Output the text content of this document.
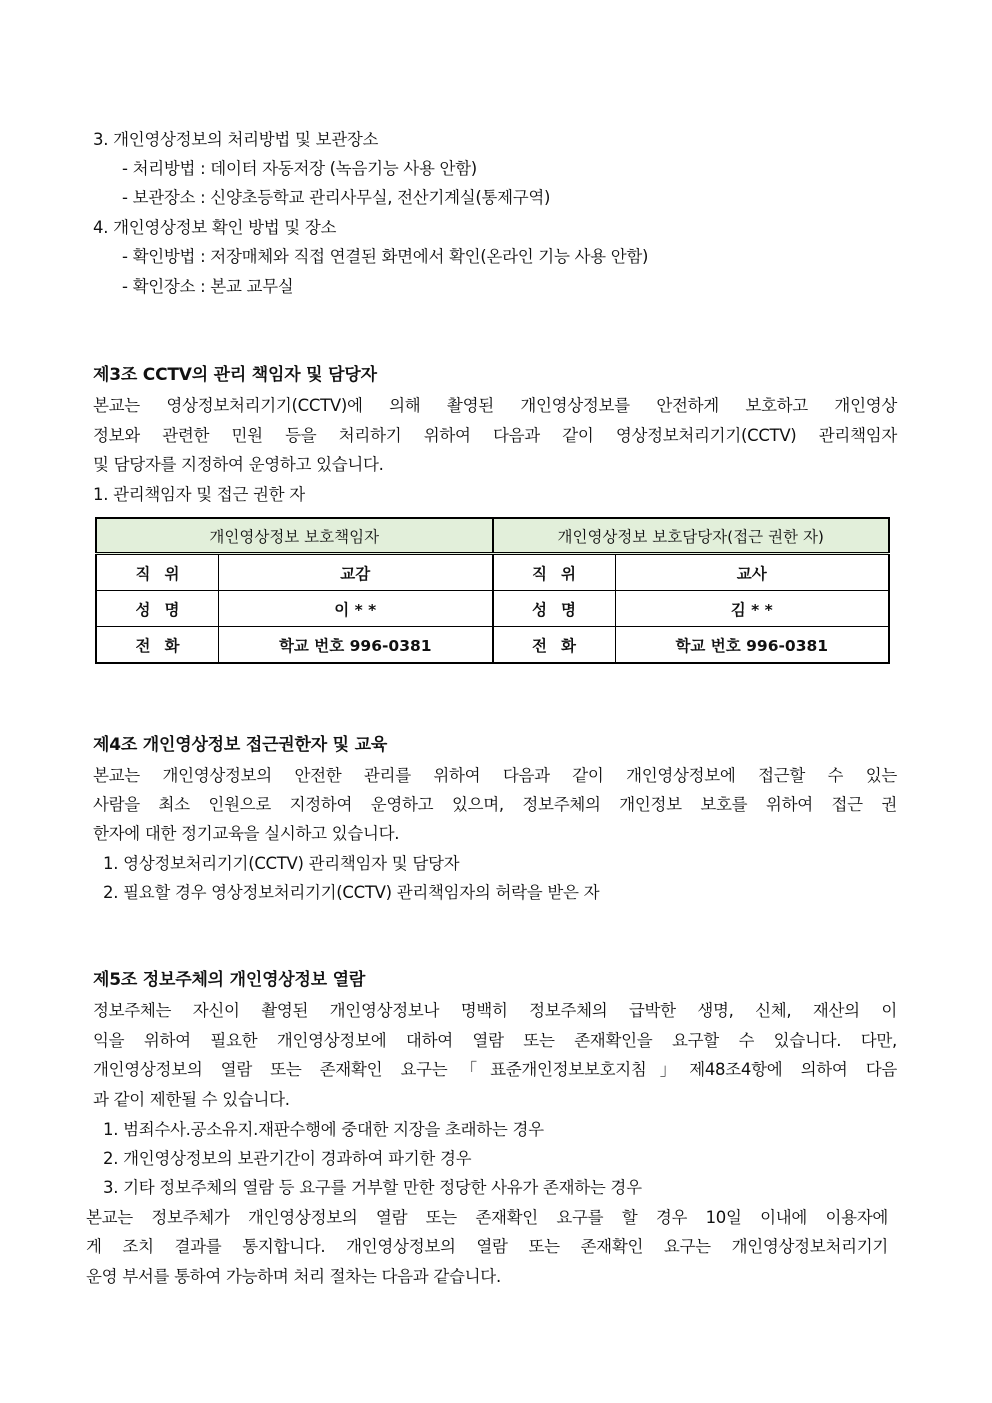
3. 개인영상정보의 처리방법 및 보관장소
- 처리방법 : 데이터 자동저장 (녹음기능 사용 안함)
- 보관장소 : 신양초등학교 관리사무실, 전산기계실(통제구역)
4. 개인영상정보 확인 방법 및 장소
- 확인방법 : 저장매체와 직접 연결된 화면에서 확인(온라인 기능 사용 안함)
- 확인장소 : 본교 교무실
제3조 CCTV의 관리 책임자 및 담당자
본교는 영상정보처리기기(CCTV)에 의해 촬영된 개인영상정보를 안전하게 보호하고 개인영상
정보와 관련한 민원 등을 처리하기 위하여 다음과 같이 영상정보처리기기(CCTV) 관리책임자
및 담당자를 지정하여 운영하고 있습니다.
1. 관리책임자 및 접근 권한 자
개인영상정보 보호책임자		개인영상정보 보호담당자(접근 권한 자)	
직위	교감	직위	교사
성명	이 * *	성명	김 * *
전화	학교 번호 996-0381	전화	학교 번호 996-0381
제4조 개인영상정보 접근권한자 및 교육
본교는 개인영상정보의 안전한 관리를 위하여 다음과 같이 개인영상정보에 접근할 수 있는
사람을 최소 인원으로 지정하여 운영하고 있으며, 정보주체의 개인정보 보호를 위하여 접근 권
한자에 대한 정기교육을 실시하고 있습니다.
1. 영상정보처리기기(CCTV) 관리책임자 및 담당자
2. 필요할 경우 영상정보처리기기(CCTV) 관리책임자의 허락을 받은 자
제5조 정보주체의 개인영상정보 열람
정보주체는 자신이 촬영된 개인영상정보나 명백히 정보주체의 급박한 생명, 신체, 재산의 이
익을 위하여 필요한 개인영상정보에 대하여 열람 또는 존재확인을 요구할 수 있습니다. 다만,
개인영상정보의 열람 또는 존재확인 요구는「표준개인정보보호지침」제48조4항에 의하여 다음
과 같이 제한될 수 있습니다.
1. 범죄수사.공소유지.재판수행에 중대한 지장을 초래하는 경우
2. 개인영상정보의 보관기간이 경과하여 파기한 경우
3. 기타 정보주체의 열람 등 요구를 거부할 만한 정당한 사유가 존재하는 경우
본교는 정보주체가 개인영상정보의 열람 또는 존재확인 요구를 할 경우 10일 이내에 이용자에
게 조치 결과를 통지합니다. 개인영상정보의 열람 또는 존재확인 요구는 개인영상정보처리기기
운영 부서를 통하여 가능하며 처리 절차는 다음과 같습니다.
